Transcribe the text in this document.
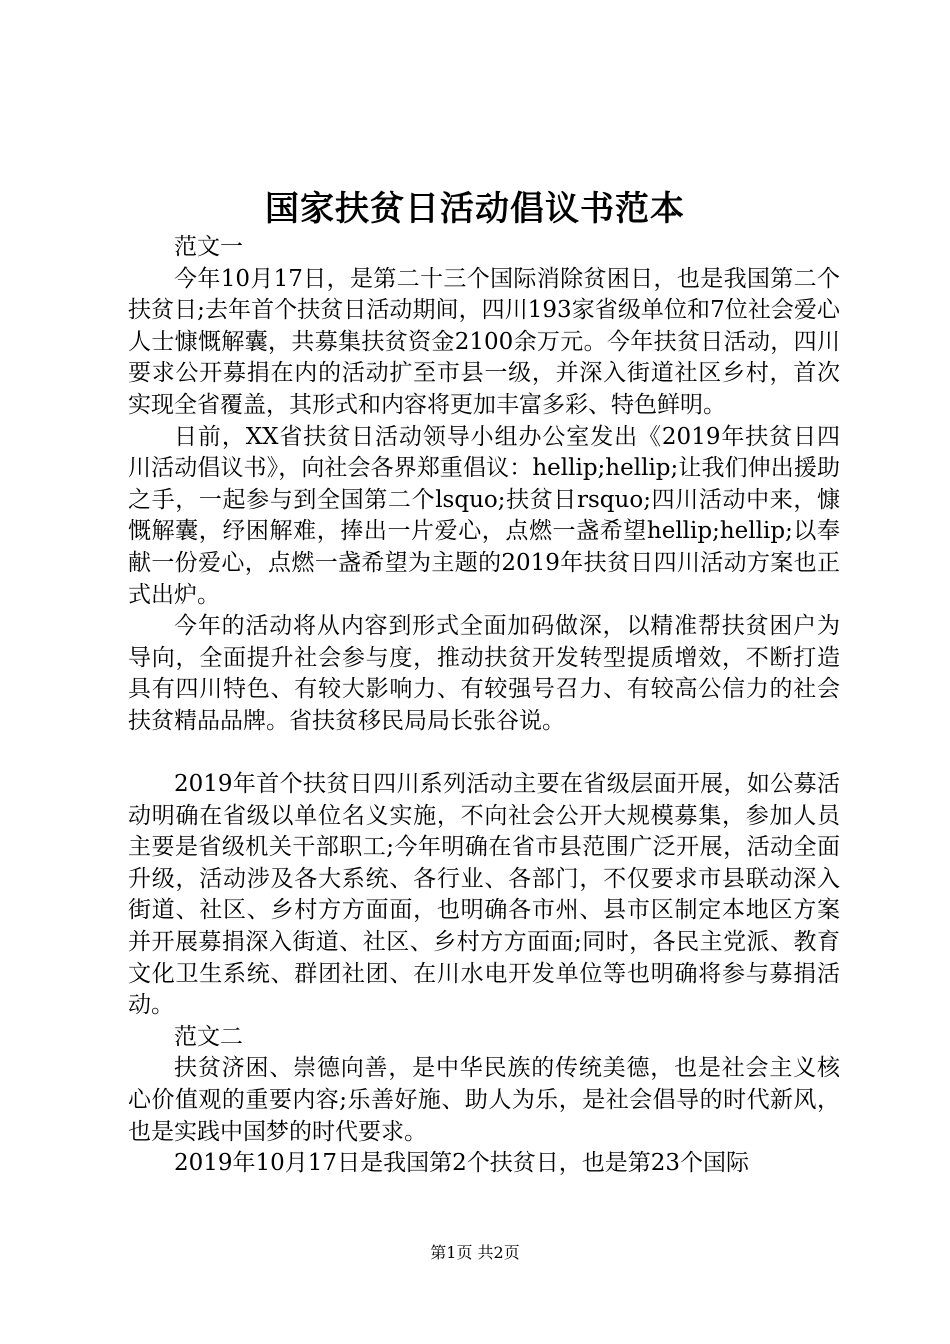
国家扶贫日活动倡议书范本

范文一

今年10月17日，是第二十三个国际消除贫困日，也是我国第二个扶贫日;去年首个扶贫日活动期间，四川193家省级单位和7位社会爱心人士慷慨解囊，共募集扶贫资金2100余万元。今年扶贫日活动，四川要求公开募捐在内的活动扩至市县一级，并深入街道社区乡村，首次实现全省覆盖，其形式和内容将更加丰富多彩、特色鲜明。

日前，XX省扶贫日活动领导小组办公室发出《2019年扶贫日四川活动倡议书》，向社会各界郑重倡议：hellip;hellip;让我们伸出援助之手，一起参与到全国第二个lsquo;扶贫日rsquo;四川活动中来，慷慨解囊，纾困解难，捧出一片爱心，点燃一盏希望hellip;hellip;以奉献一份爱心，点燃一盏希望为主题的2019年扶贫日四川活动方案也正式出炉。

今年的活动将从内容到形式全面加码做深，以精准帮扶贫困户为导向，全面提升社会参与度，推动扶贫开发转型提质增效，不断打造具有四川特色、有较大影响力、有较强号召力、有较高公信力的社会扶贫精品品牌。省扶贫移民局局长张谷说。

2019年首个扶贫日四川系列活动主要在省级层面开展，如公募活动明确在省级以单位名义实施，不向社会公开大规模募集，参加人员主要是省级机关干部职工;今年明确在省市县范围广泛开展，活动全面升级，活动涉及各大系统、各行业、各部门，不仅要求市县联动深入街道、社区、乡村方方面面，也明确各市州、县市区制定本地区方案并开展募捐深入街道、社区、乡村方方面面;同时，各民主党派、教育文化卫生系统、群团社团、在川水电开发单位等也明确将参与募捐活动。

范文二

扶贫济困、崇德向善，是中华民族的传统美德，也是社会主义核心价值观的重要内容;乐善好施、助人为乐，是社会倡导的时代新风，也是实践中国梦的时代要求。

2019年10月17日是我国第2个扶贫日，也是第23个国际

第1页 共2页
